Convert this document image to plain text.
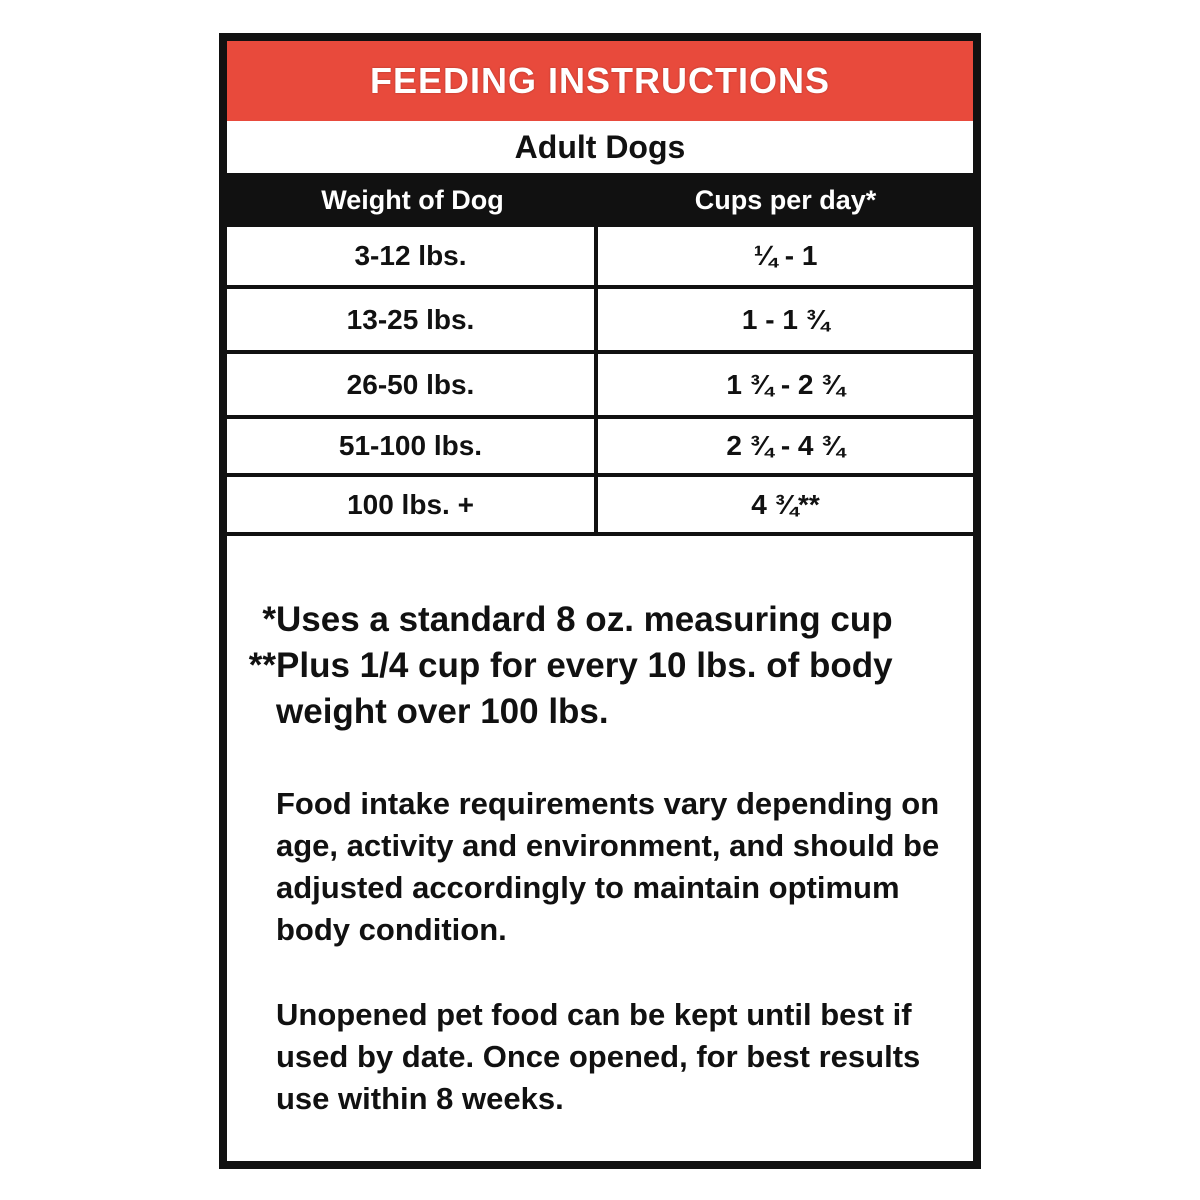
FEEDING INSTRUCTIONS
Adult Dogs
Weight of Dog	Cups per day*
3-12 lbs.	¼ - 1
13-25 lbs.	1 - 1 ¾
26-50 lbs.	1 ¾ - 2 ¾
51-100 lbs.	2 ¾ - 4 ¾
100 lbs. +	4 ¾**
*Uses a standard 8 oz. measuring cup
**Plus 1/4 cup for every 10 lbs. of body
weight over 100 lbs.
Food intake requirements vary depending on age, activity and environment, and should be adjusted accordingly to maintain optimum body condition.
Unopened pet food can be kept until best if used by date. Once opened, for best results use within 8 weeks.
